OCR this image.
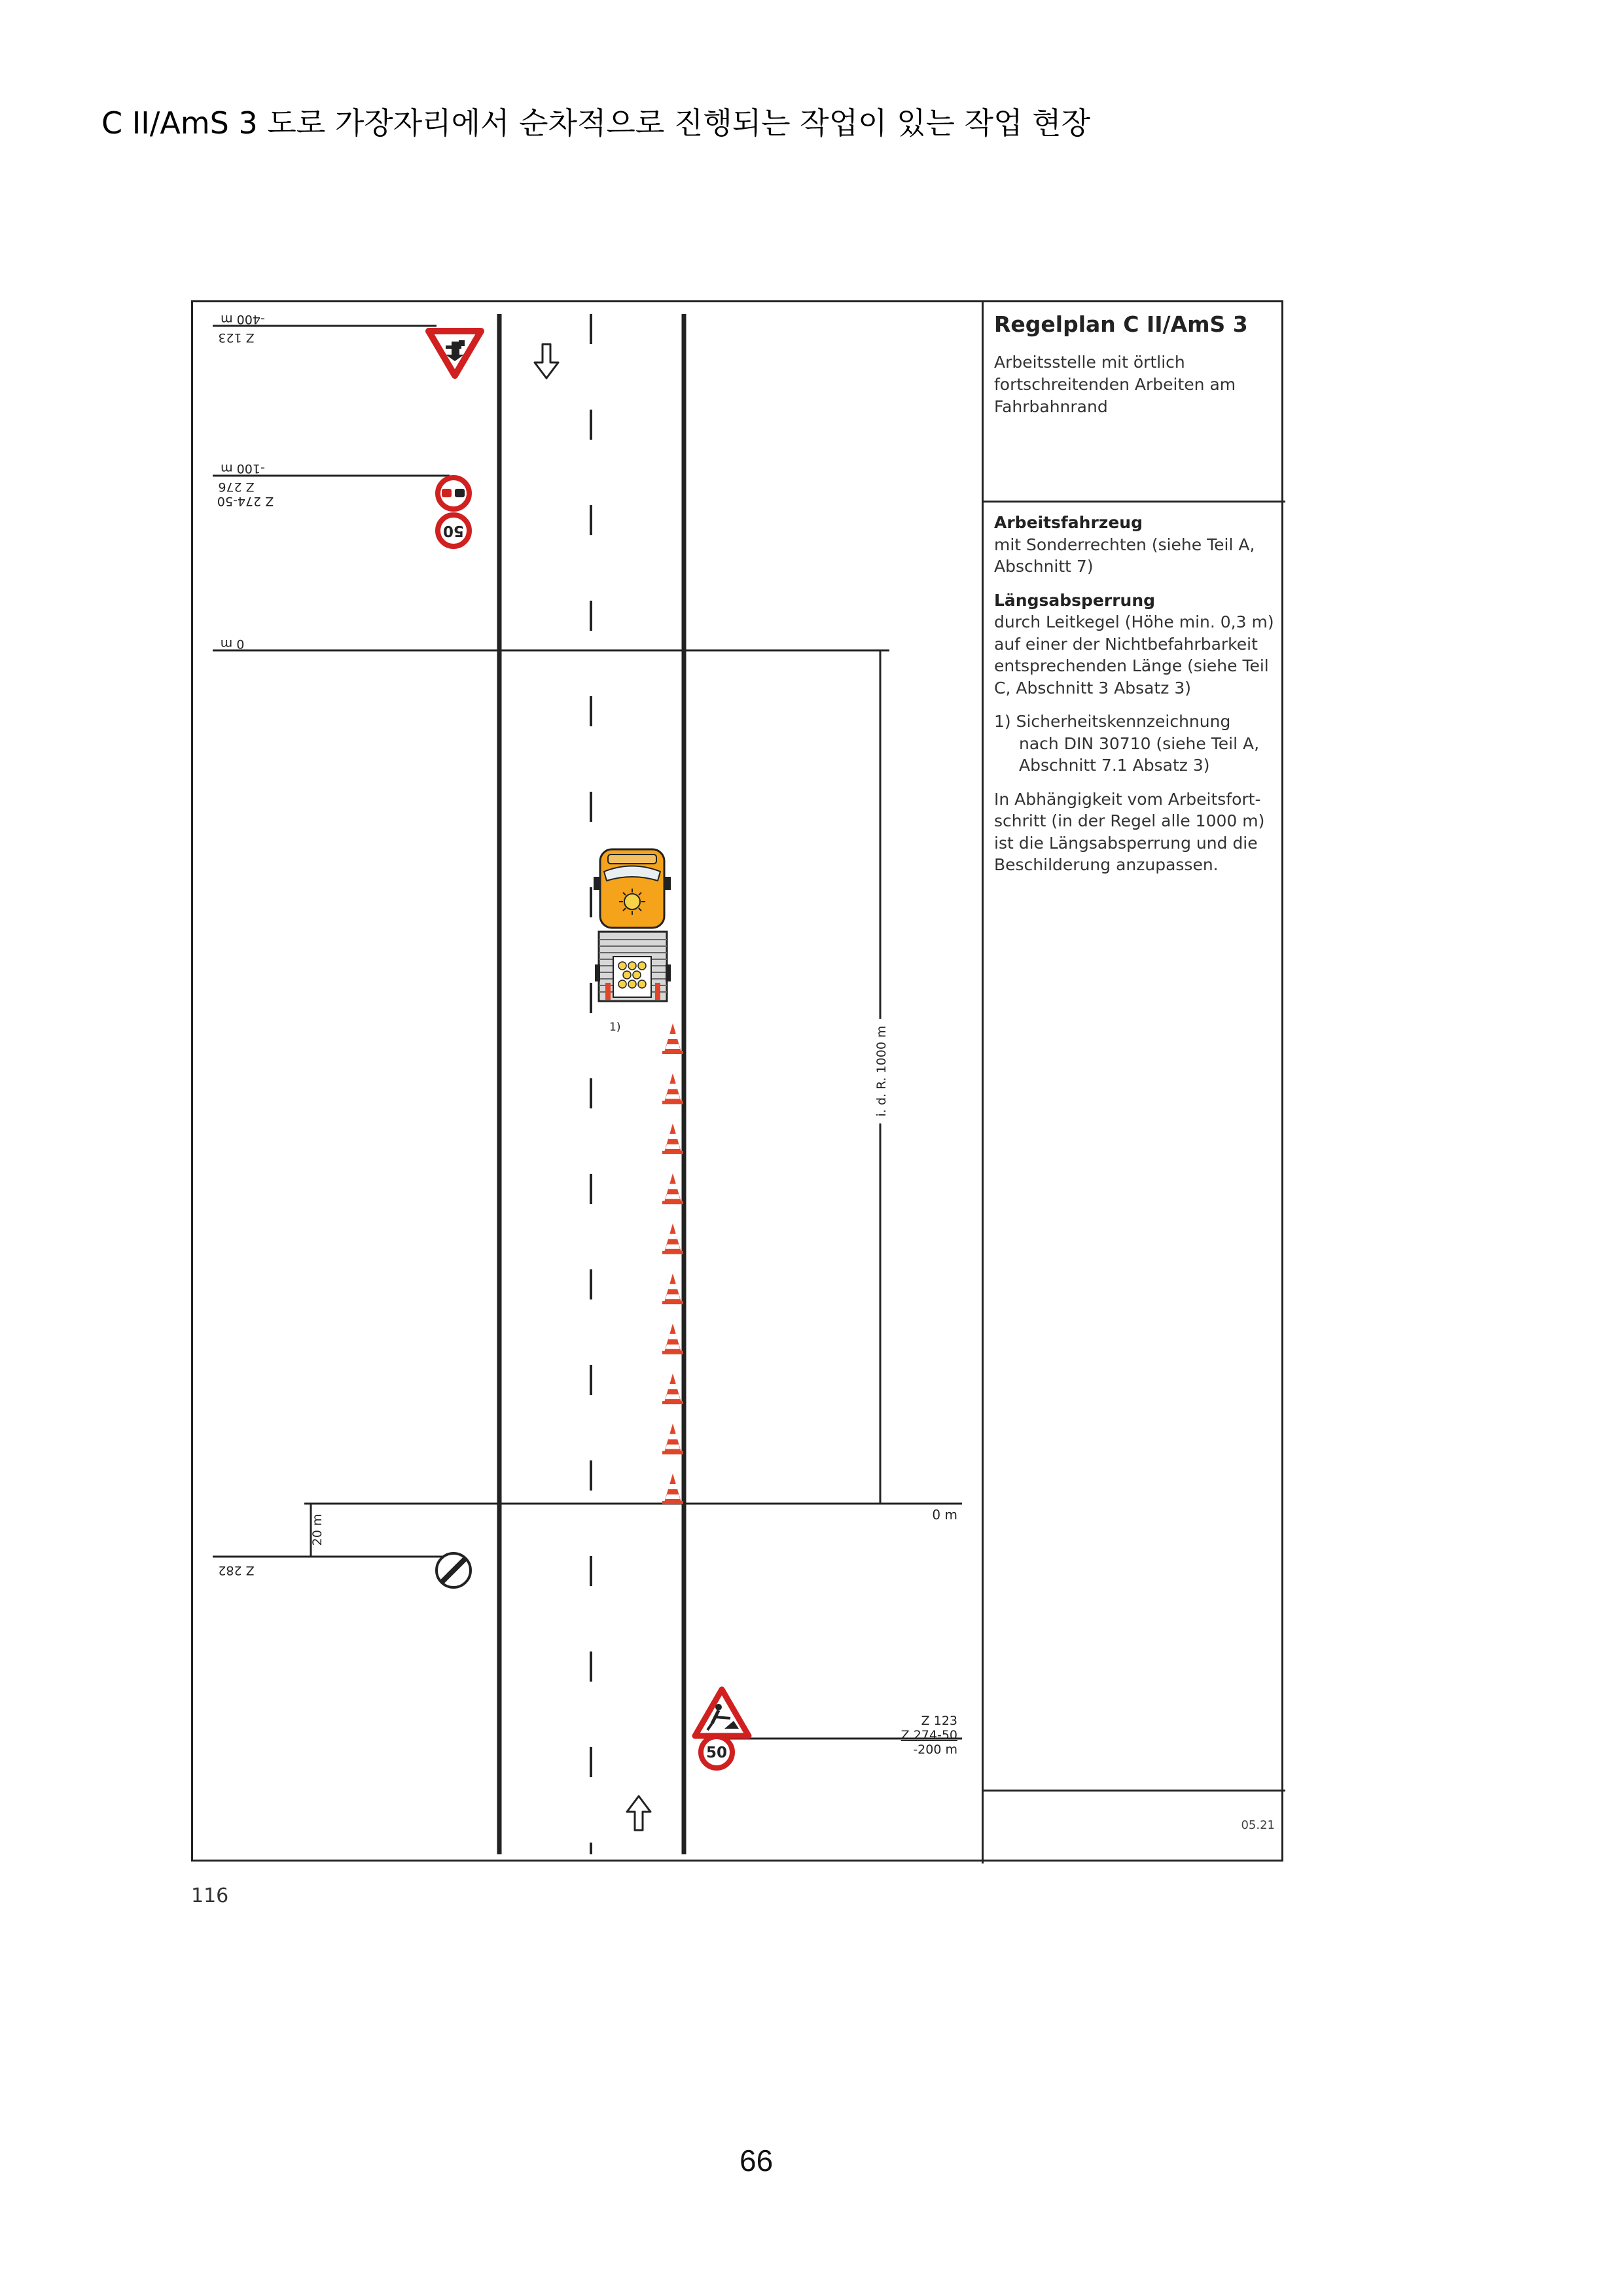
C II/AmS 3 도로 가장자리에서 순차적으로 진행되는 작업이 있는 작업 현장
i. d. R. 1000 m
20 m
-400 m
Z 123
-100 m
Z 276
Z 274-50
0 m
Z 282
0 m
Z 123
Z 274-50
-200 m
50
50
1)
Regelplan C II/AmS 3
Arbeitsstelle mit örtlich fortschreitenden Arbeiten am Fahrbahnrand

Arbeitsfahrzeug

mit Sonderrechten (siehe Teil A, Abschnitt 7)

Längsabsperrung

durch Leitkegel (Höhe min. 0,3 m) auf einer der Nichtbefahrbarkeit entsprechenden Länge (siehe Teil C, Abschnitt 3 Absatz 3)

1) Sicherheitskennzeichnung nach DIN 30710 (siehe Teil A, Abschnitt 7.1 Absatz 3)

In Abhängigkeit vom Arbeitsfort-schritt (in der Regel alle 1000 m) ist die Längsabsperrung und die Beschilderung anzupassen.

05.21
116
66
